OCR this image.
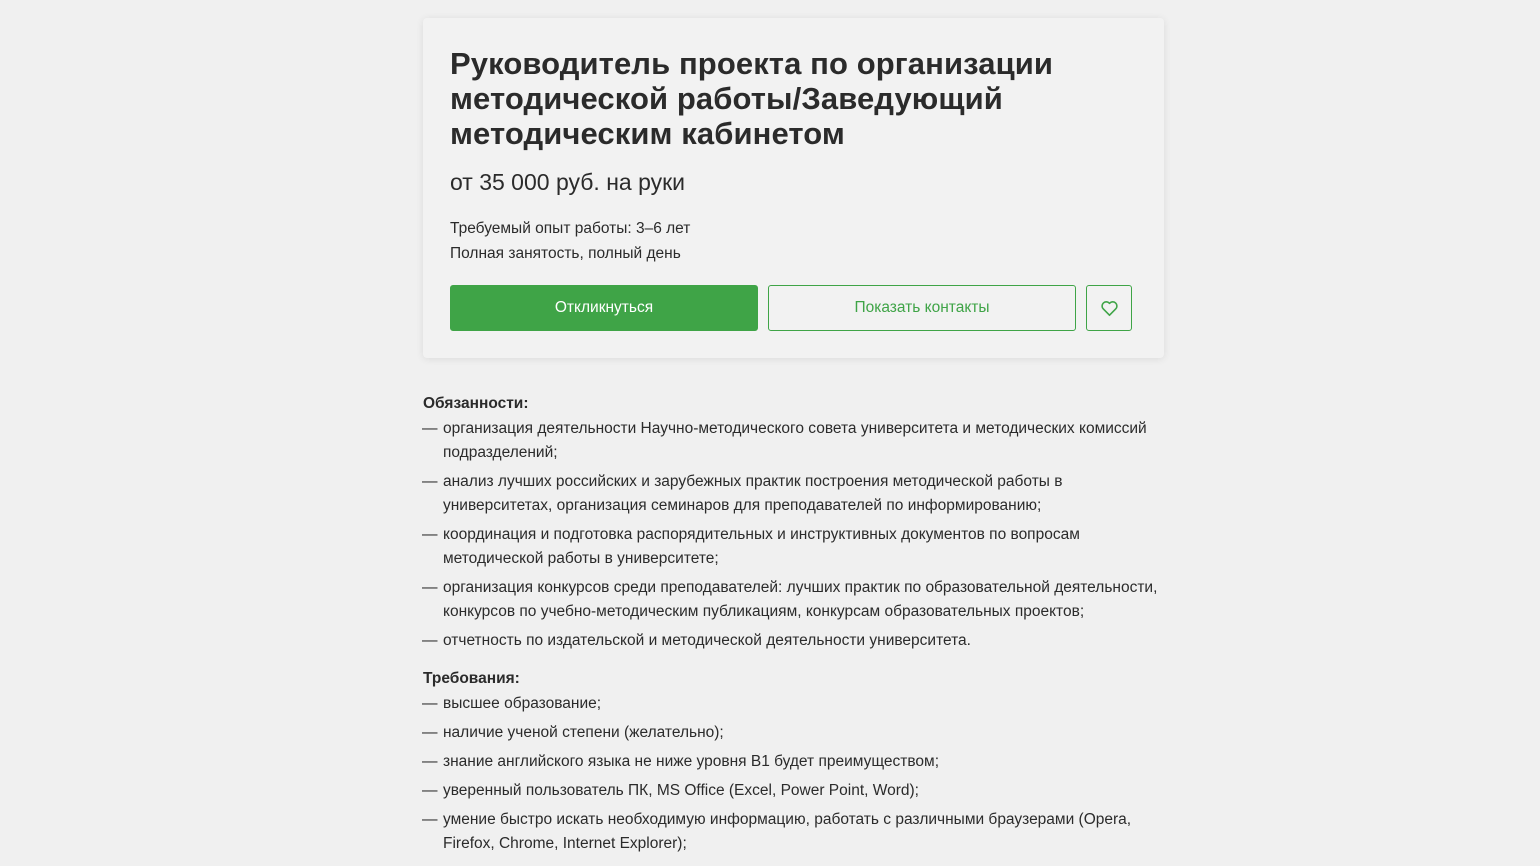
Руководитель проекта по организации методической работы/Заведующий методическим кабинетом

от 35 000 руб. на руки

Требуемый опыт работы: 3–6 лет
Полная занятость, полный день
Откликнуться	Показать контакты

Обязанности:

— организация деятельности Научно-методического совета университета и методических комиссий подразделений;
— анализ лучших российских и зарубежных практик построения методической работы в университетах, организация семинаров для преподавателей по информированию;
— координация и подготовка распорядительных и инструктивных документов по вопросам методической работы в университете;
— организация конкурсов среди преподавателей: лучших практик по образовательной деятельности, конкурсов по учебно-методическим публикациям, конкурсам образовательных проектов;
— отчетность по издательской и методической деятельности университета.

Требования:

— высшее образование;
— наличие ученой степени (желательно);
— знание английского языка не ниже уровня В1 будет преимуществом;
— уверенный пользователь ПК, MS Office (Excel, Power Point, Word);
— умение быстро искать необходимую информацию, работать с различными браузерами (Opera, Firefox, Chrome, Internet Explorer);
